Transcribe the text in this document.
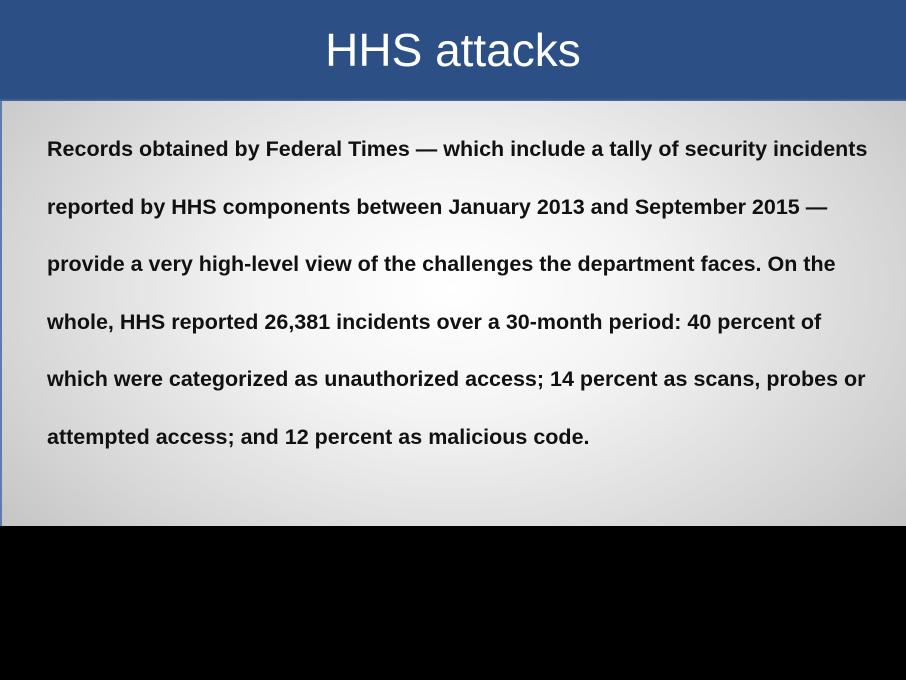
HHS attacks

Records obtained by Federal Times — which include a tally of security incidents reported by HHS components between January 2013 and September 2015 — provide a very high-level view of the challenges the department faces. On the whole, HHS reported 26,381 incidents over a 30-month period: 40 percent of which were categorized as unauthorized access; 14 percent as scans, probes or attempted access; and 12 percent as malicious code.
